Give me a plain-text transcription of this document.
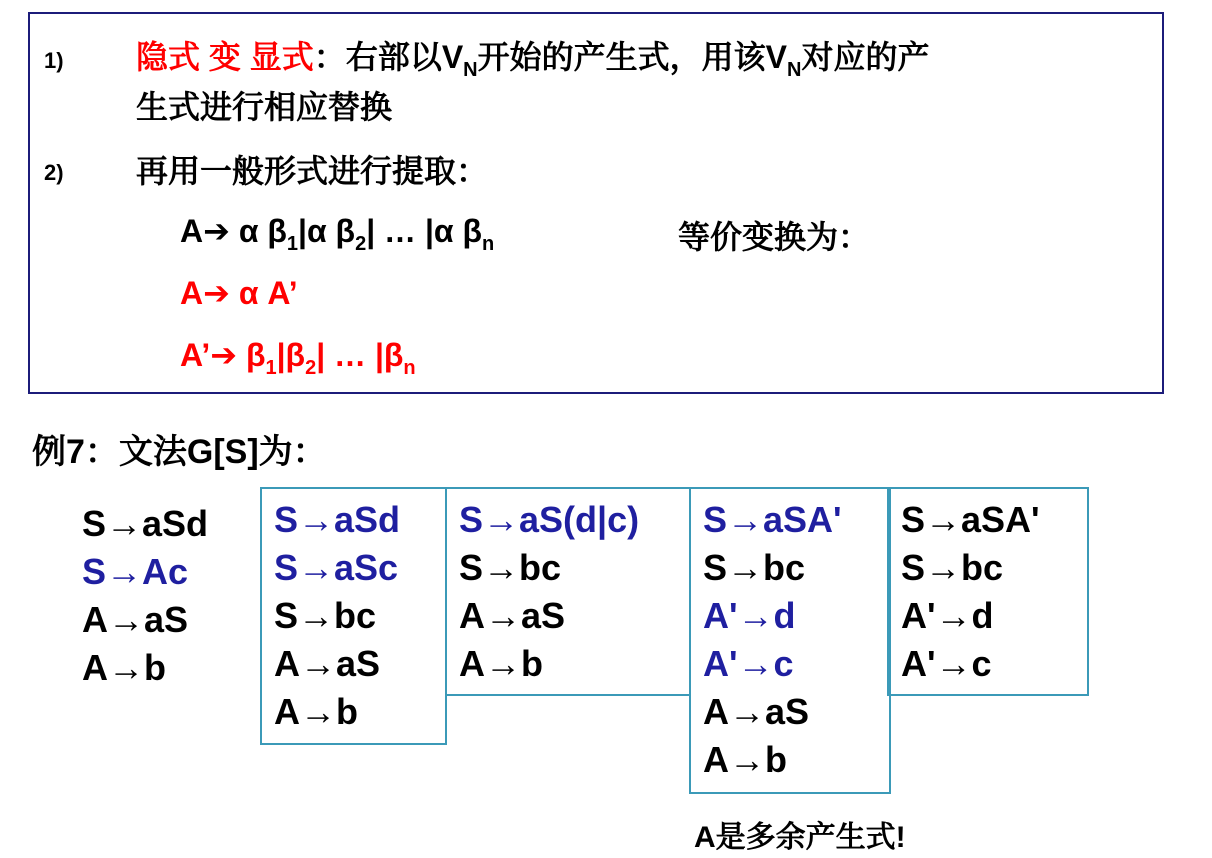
1) 隐式 变 显式：右部以$V_N$开始的产生式，用该$V_N$对应的产
生式进行相应替换
2) 再用一般形式进行提取：
A➔ α $\beta_1|\alpha$ $\beta_2|$ … |α $\beta_n$	等价变换为：
A➔ α A’
A’➔ $\beta_1|\beta_2|$ … $|\beta_n$
例7：文法G[S]为：
S→aSd
S→Ac
A→aS
A→b
S→aSd
S→aSc
S→bc
A→aS
A→b
S→aS(d|c)
S→bc
A→aS
A→b
S→aSA'
S→bc
A'→d
A'→c
A→aS
A→b
S→aSA'
S→bc
A'→d
A'→c
A是多余产生式!
